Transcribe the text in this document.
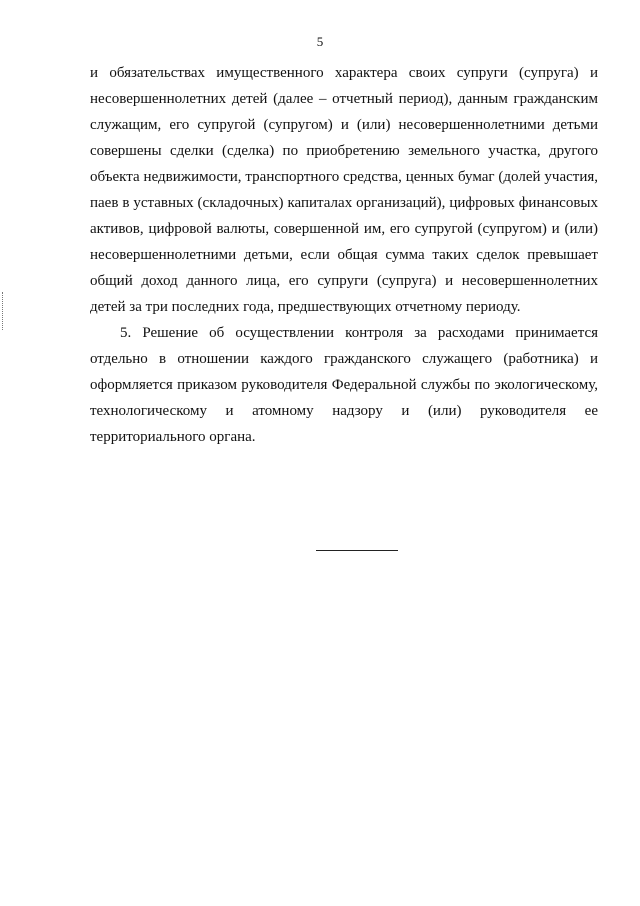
5

и обязательствах имущественного характера своих супруги (супруга) и несовершеннолетних детей (далее – отчетный период), данным гражданским служащим, его супругой (супругом) и (или) несовершеннолетними детьми совершены сделки (сделка) по приобретению земельного участка, другого объекта недвижимости, транспортного средства, ценных бумаг (долей участия, паев в уставных (складочных) капиталах организаций), цифровых финансовых активов, цифровой валюты, совершенной им, его супругой (супругом) и (или) несовершеннолетними детьми, если общая сумма таких сделок превышает общий доход данного лица, его супруги (супруга) и несовершеннолетних детей за три последних года, предшествующих отчетному периоду.

5. Решение об осуществлении контроля за расходами принимается отдельно в отношении каждого гражданского служащего (работника) и оформляется приказом руководителя Федеральной службы по экологическому, технологическому и атомному надзору и (или) руководителя ее территориального органа.
